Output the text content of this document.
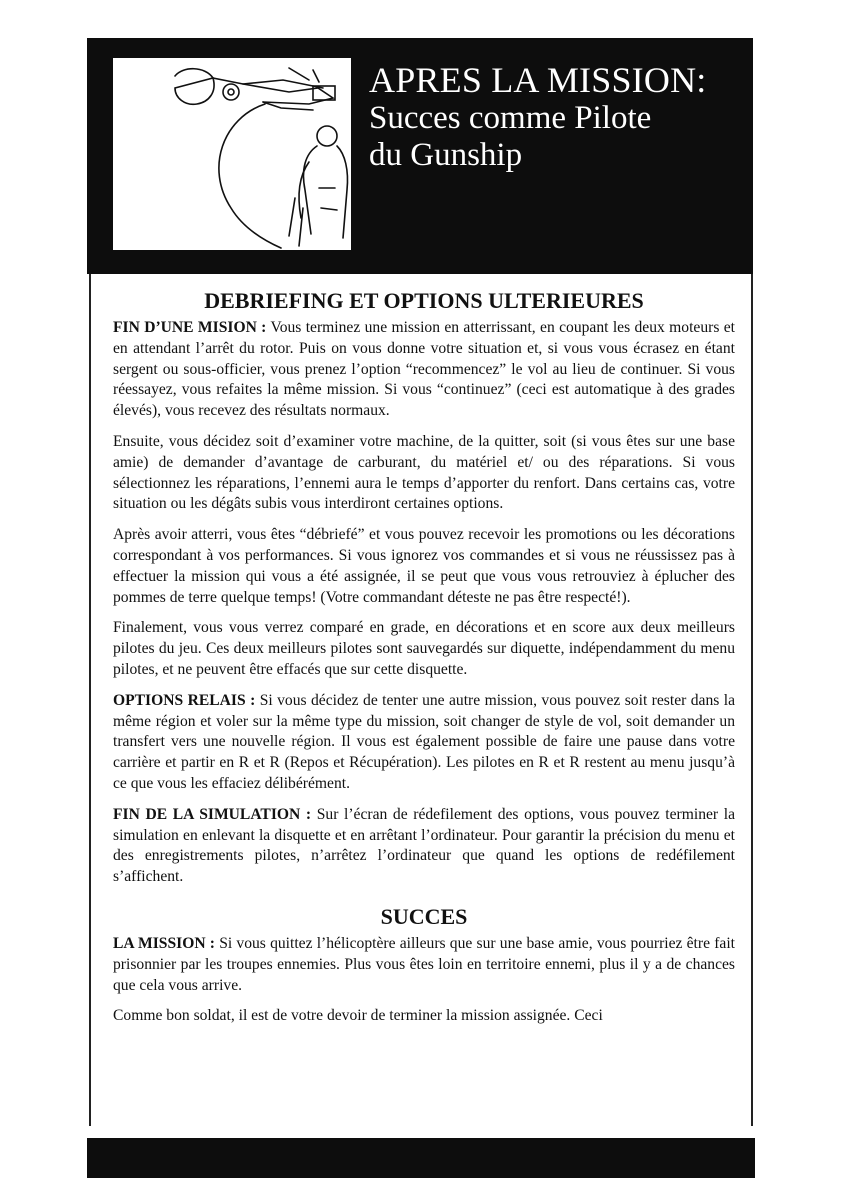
APRES LA MISSION:
Succes comme Pilote
du Gunship
DEBRIEFING ET OPTIONS ULTERIEURES

FIN D’UNE MISION : Vous terminez une mission en atterrissant, en coupant les deux moteurs et en attendant l’arrêt du rotor. Puis on vous donne votre situation et, si vous vous écrasez en étant sergent ou sous-officier, vous prenez l’option “recommencez” le vol au lieu de continuer. Si vous réessayez, vous refaites la même mission. Si vous “continuez” (ceci est automatique à des grades élevés), vous recevez des résultats normaux.

Ensuite, vous décidez soit d’examiner votre machine, de la quitter, soit (si vous êtes sur une base amie) de demander d’avantage de carburant, du matériel et/ ou des réparations. Si vous sélectionnez les réparations, l’ennemi aura le temps d’apporter du renfort. Dans certains cas, votre situation ou les dégâts subis vous interdiront certaines options.

Après avoir atterri, vous êtes “débriefé” et vous pouvez recevoir les promotions ou les décorations correspondant à vos performances. Si vous ignorez vos commandes et si vous ne réussissez pas à effectuer la mission qui vous a été assignée, il se peut que vous vous retrouviez à éplucher des pommes de terre quelque temps! (Votre commandant déteste ne pas être respecté!).

Finalement, vous vous verrez comparé en grade, en décorations et en score aux deux meilleurs pilotes du jeu. Ces deux meilleurs pilotes sont sauvegardés sur diquette, indépendamment du menu pilotes, et ne peuvent être effacés que sur cette disquette.

OPTIONS RELAIS : Si vous décidez de tenter une autre mission, vous pouvez soit rester dans la même région et voler sur la même type du mission, soit changer de style de vol, soit demander un transfert vers une nouvelle région. Il vous est également possible de faire une pause dans votre carrière et partir en R et R (Repos et Récupération). Les pilotes en R et R restent au menu jusqu’à ce que vous les effaciez délibérément.

FIN DE LA SIMULATION : Sur l’écran de rédefilement des options, vous pouvez terminer la simulation en enlevant la disquette et en arrêtant l’ordinateur. Pour garantir la précision du menu et des enregistrements pilotes, n’arrêtez l’ordinateur que quand les options de redéfilement s’affichent.

SUCCES

LA MISSION : Si vous quittez l’hélicoptère ailleurs que sur une base amie, vous pourriez être fait prisonnier par les troupes ennemies. Plus vous êtes loin en territoire ennemi, plus il y a de chances que cela vous arrive.

Comme bon soldat, il est de votre devoir de terminer la mission assignée. Ceci
